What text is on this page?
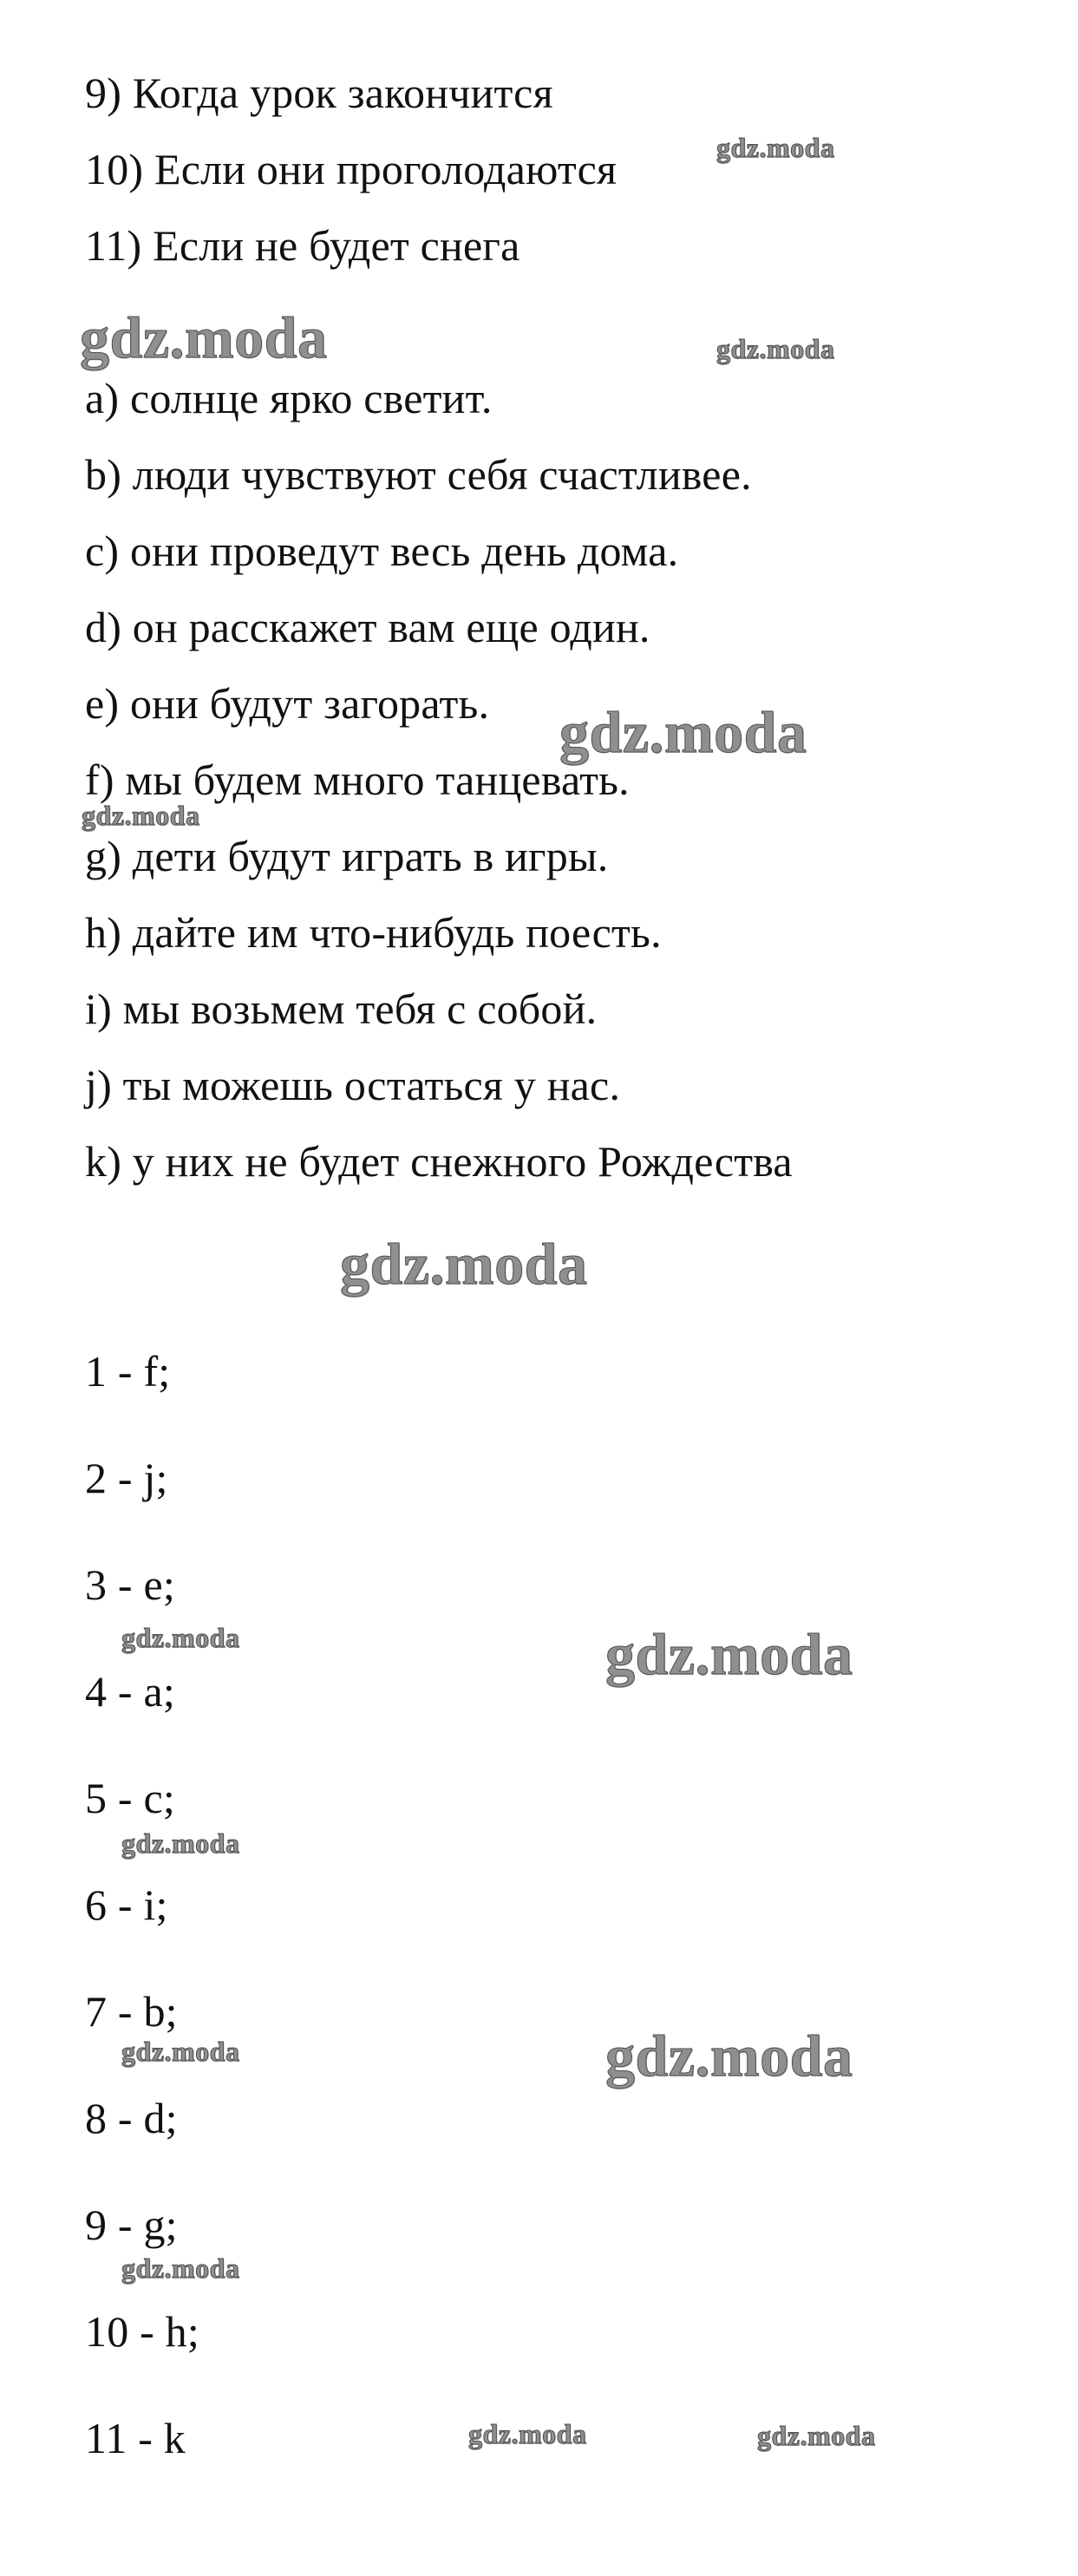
9) Когда урок закончится
10) Если они проголодаются
11) Если не будет снега
a) солнце ярко светит.
b) люди чувствуют себя счастливее.
c) они проведут весь день дома.
d) он расскажет вам еще один.
e) они будут загорать.
f) мы будем много танцевать.
g) дети будут играть в игры.
h) дайте им что-нибудь поесть.
i) мы возьмем тебя с собой.
j) ты можешь остаться у нас.
k) у них не будет снежного Рождества
1 - f;
2 - j;
3 - e;
4 - a;
5 - c;
6 - i;
7 - b;
8 - d;
9 - g;
10 - h;
11 - k
gdz.moda
gdz.moda	gdz.moda
gdz.moda
gdz.moda
gdz.moda
gdz.moda	gdz.moda
gdz.moda
gdz.moda	gdz.moda
gdz.moda
gdz.moda	gdz.moda
